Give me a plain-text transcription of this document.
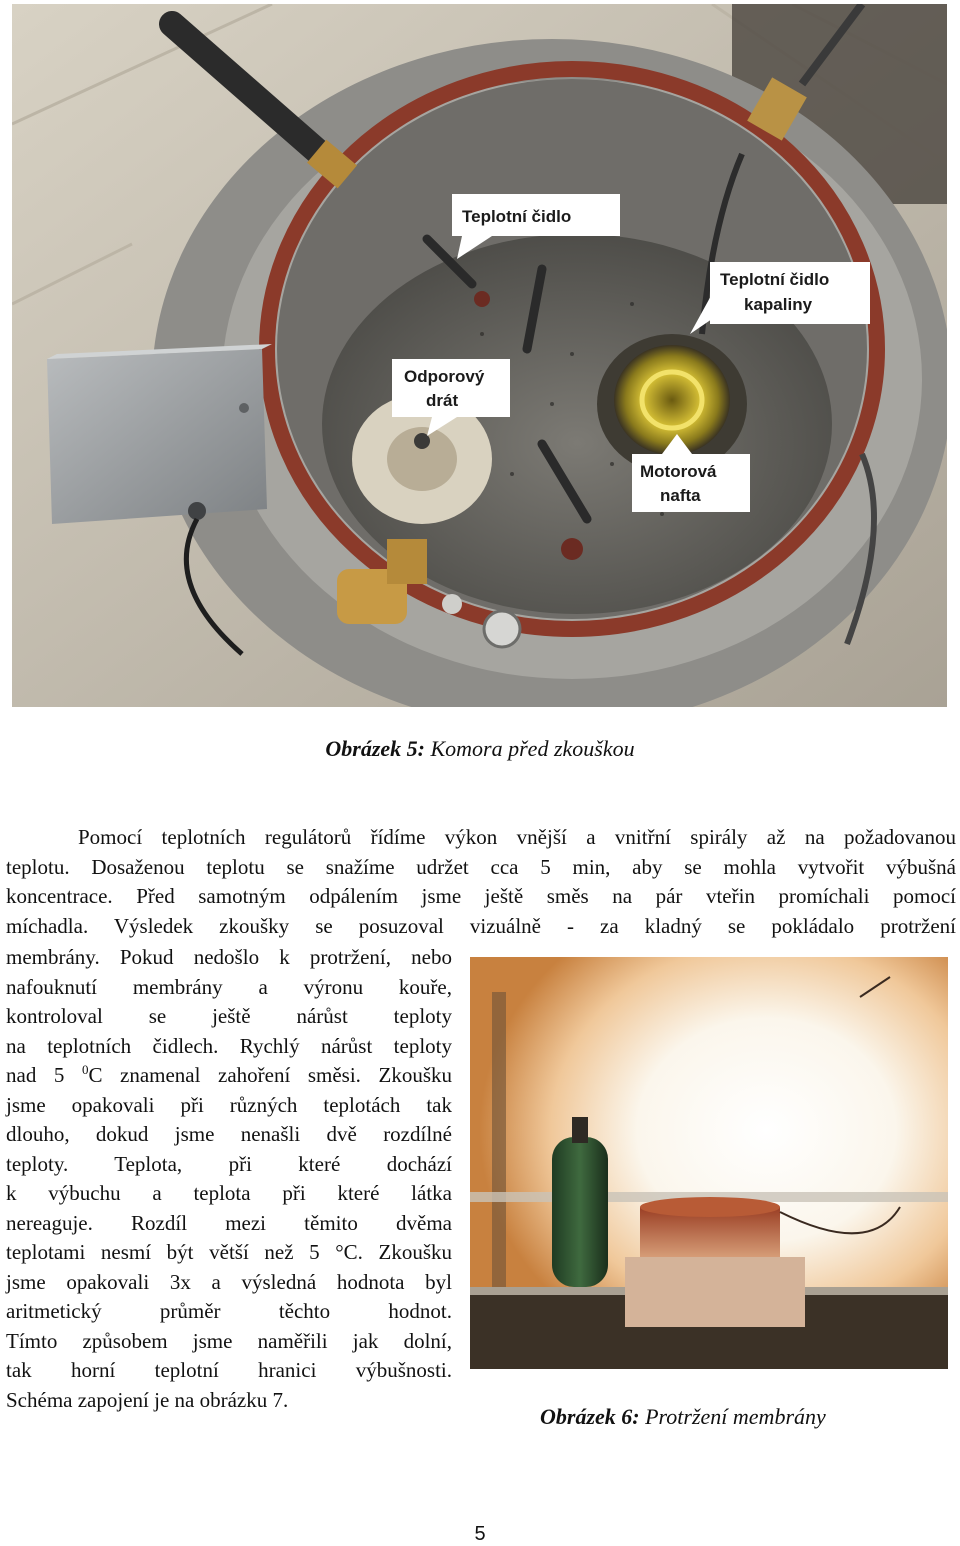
Teplotní čidlo
Teplotní čidlo
kapaliny
Odporový
drát
Motorová
nafta
Obrázek 5: Komora před zkouškou
Pomocí teplotních regulátorů řídíme výkon vnější a vnitřní spirály až na požadovanou
teplotu. Dosaženou teplotu se snažíme udržet cca 5 min, aby se mohla vytvořit výbušná
koncentrace. Před samotným odpálením jsme ještě směs na pár vteřin promíchali pomocí
míchadla. Výsledek zkoušky se posuzoval vizuálně - za kladný se pokládalo protržení
membrány. Pokud nedošlo k protržení, nebo
nafouknutí membrány a výronu kouře,
kontroloval se ještě nárůst teploty
na teplotních čidlech. Rychlý nárůst teploty
nad 5 $^0$C znamenal zahoření směsi. Zkoušku
jsme opakovali při různých teplotách tak
dlouho, dokud jsme nenašli dvě rozdílné
teploty. Teplota, při které dochází
k výbuchu a teplota při které látka
nereaguje. Rozdíl mezi těmito dvěma
teplotami nesmí být větší než 5 °C. Zkoušku
jsme opakovali 3x a výsledná hodnota byl
aritmetický průměr těchto hodnot.
Tímto způsobem jsme naměřili jak dolní,
tak horní teplotní hranici výbušnosti.
Schéma zapojení je na obrázku 7.
Obrázek 6: Protržení membrány
5
